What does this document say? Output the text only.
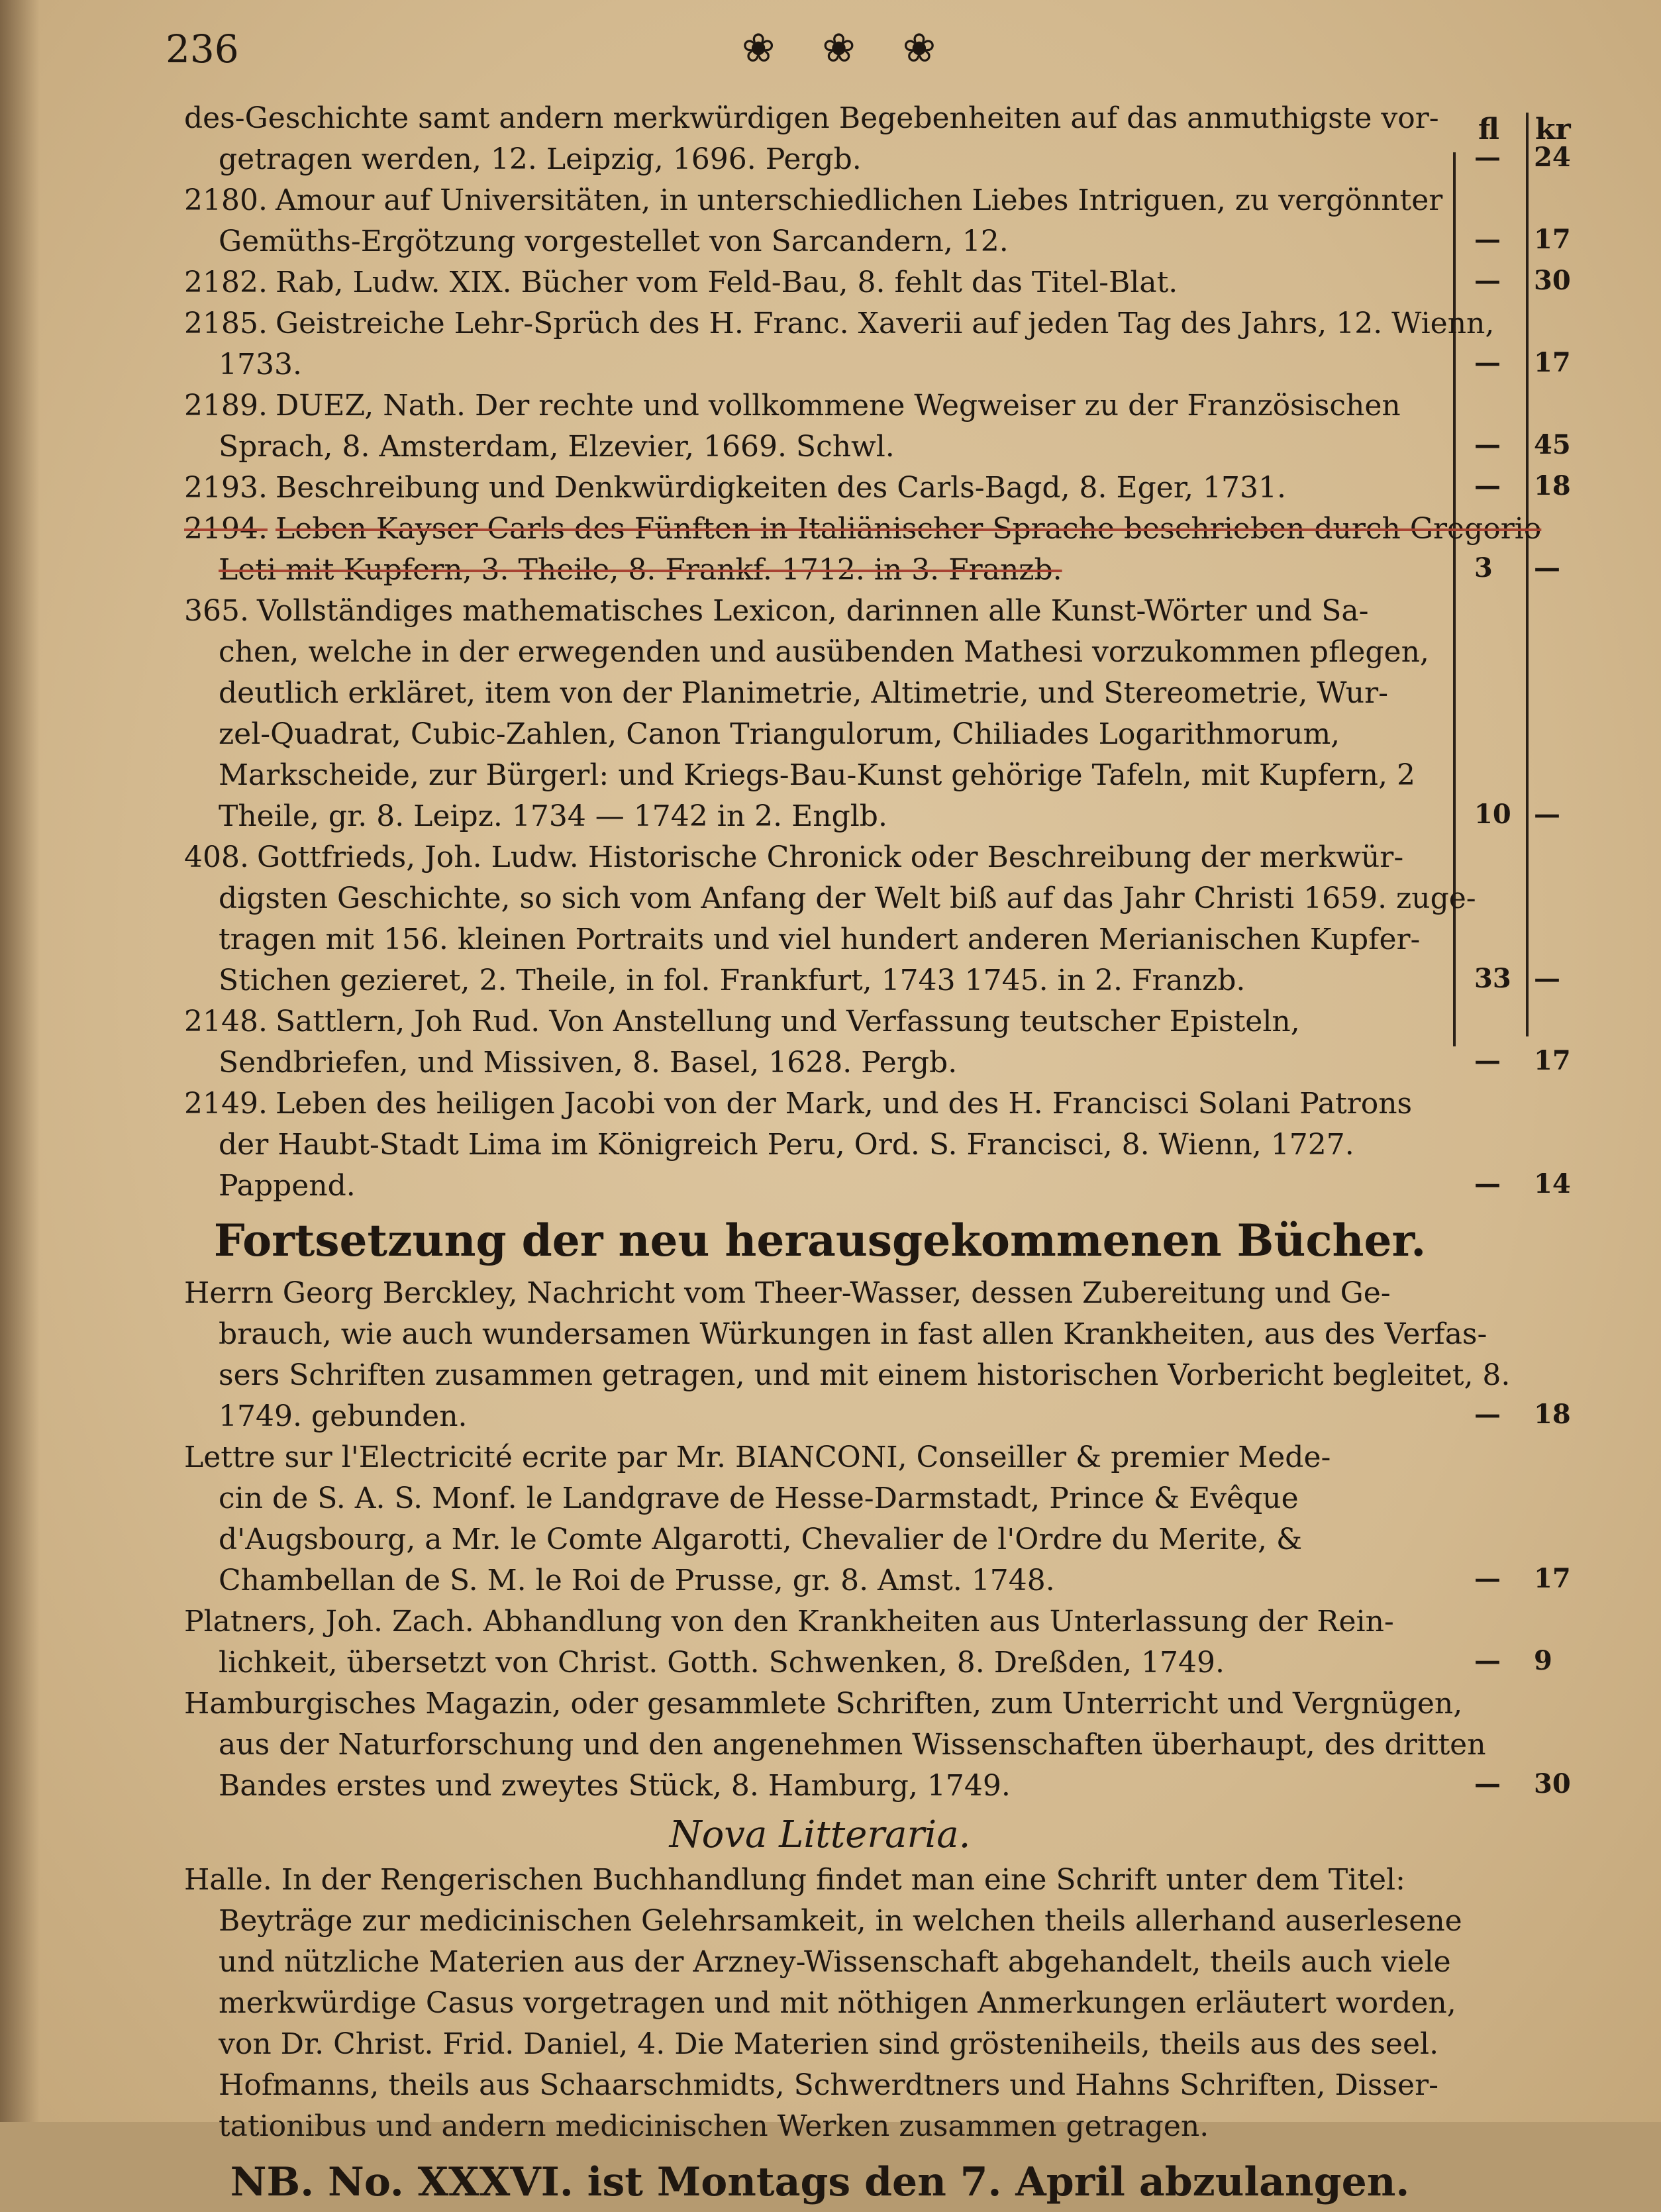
236	❀ ❀ ❀
fl kr
des-Geschichte samt andern merkwürdigen Begebenheiten auf das anmuthigste vor-
getragen werden, 12. Leipzig, 1696. Pergb.
2180. Amour auf Universitäten, in unterschiedlichen Liebes Intriguen, zu vergönnter
Gemüths-Ergötzung vorgestellet von Sarcandern, 12.
2182. Rab, Ludw. XIX. Bücher vom Feld-Bau, 8. fehlt das Titel-Blat.
2185. Geistreiche Lehr-Sprüch des H. Franc. Xaverii auf jeden Tag des Jahrs, 12. Wienn,
1733.
2189. DUEZ, Nath. Der rechte und vollkommene Wegweiser zu der Französischen
Sprach, 8. Amsterdam, Elzevier, 1669. Schwl.
2193. Beschreibung und Denkwürdigkeiten des Carls-Bagd, 8. Eger, 1731.
2194. Leben Kayser Carls des Fünften in Italiänischer Sprache beschrieben durch Gregorio
Leti mit Kupfern, 3. Theile, 8. Frankf. 1712. in 3. Franzb.
365. Vollständiges mathematisches Lexicon, darinnen alle Kunst-Wörter und Sa-
chen, welche in der erwegenden und ausübenden Mathesi vorzukommen pflegen,
deutlich erkläret, item von der Planimetrie, Altimetrie, und Stereometrie, Wur-
zel-Quadrat, Cubic-Zahlen, Canon Triangulorum, Chiliades Logarithmorum,
Markscheide, zur Bürgerl: und Kriegs-Bau-Kunst gehörige Tafeln, mit Kupfern, 2
Theile, gr. 8. Leipz. 1734 — 1742 in 2. Englb.
408. Gottfrieds, Joh. Ludw. Historische Chronick oder Beschreibung der merkwür-
digsten Geschichte, so sich vom Anfang der Welt biß auf das Jahr Christi 1659. zuge-
tragen mit 156. kleinen Portraits und viel hundert anderen Merianischen Kupfer-
Stichen gezieret, 2. Theile, in fol. Frankfurt, 1743 1745. in 2. Franzb.
2148. Sattlern, Joh Rud. Von Anstellung und Verfassung teutscher Episteln,
Sendbriefen, und Missiven, 8. Basel, 1628. Pergb.
2149. Leben des heiligen Jacobi von der Mark, und des H. Francisci Solani Patrons
der Haubt-Stadt Lima im Königreich Peru, Ord. S. Francisci, 8. Wienn, 1727.
Pappend.
Fortsetzung der neu herausgekommenen Bücher.
Herrn Georg Berckley, Nachricht vom Theer-Wasser, dessen Zubereitung und Ge-
brauch, wie auch wundersamen Würkungen in fast allen Krankheiten, aus des Verfas-
sers Schriften zusammen getragen, und mit einem historischen Vorbericht begleitet, 8.
1749. gebunden.
Lettre sur l'Electricité ecrite par Mr. BIANCONI, Conseiller & premier Mede-
cin de S. A. S. Monf. le Landgrave de Hesse-Darmstadt, Prince & Evêque
d'Augsbourg, a Mr. le Comte Algarotti, Chevalier de l'Ordre du Merite, &
Chambellan de S. M. le Roi de Prusse, gr. 8. Amst. 1748.
Platners, Joh. Zach. Abhandlung von den Krankheiten aus Unterlassung der Rein-
lichkeit, übersetzt von Christ. Gotth. Schwenken, 8. Dreßden, 1749.
Hamburgisches Magazin, oder gesammlete Schriften, zum Unterricht und Vergnügen,
aus der Naturforschung und den angenehmen Wissenschaften überhaupt, des dritten
Bandes erstes und zweytes Stück, 8. Hamburg, 1749.
Nova Litteraria.
Halle. In der Rengerischen Buchhandlung findet man eine Schrift unter dem Titel:
Beyträge zur medicinischen Gelehrsamkeit, in welchen theils allerhand auserlesene
und nützliche Materien aus der Arzney-Wissenschaft abgehandelt, theils auch viele
merkwürdige Casus vorgetragen und mit nöthigen Anmerkungen erläutert worden,
von Dr. Christ. Frid. Daniel, 4. Die Materien sind grösteniheils, theils aus des seel.
Hofmanns, theils aus Schaarschmidts, Schwerdtners und Hahns Schriften, Disser-
tationibus und andern medicinischen Werken zusammen getragen.
NB. No. XXXVI. ist Montags den 7. April abzulangen.
— 24
— 17
— 30
— 17
— 45
— 18
3 —
10 —
33 —
— 17
— 14
— 18
— 17
— 9
— 30
